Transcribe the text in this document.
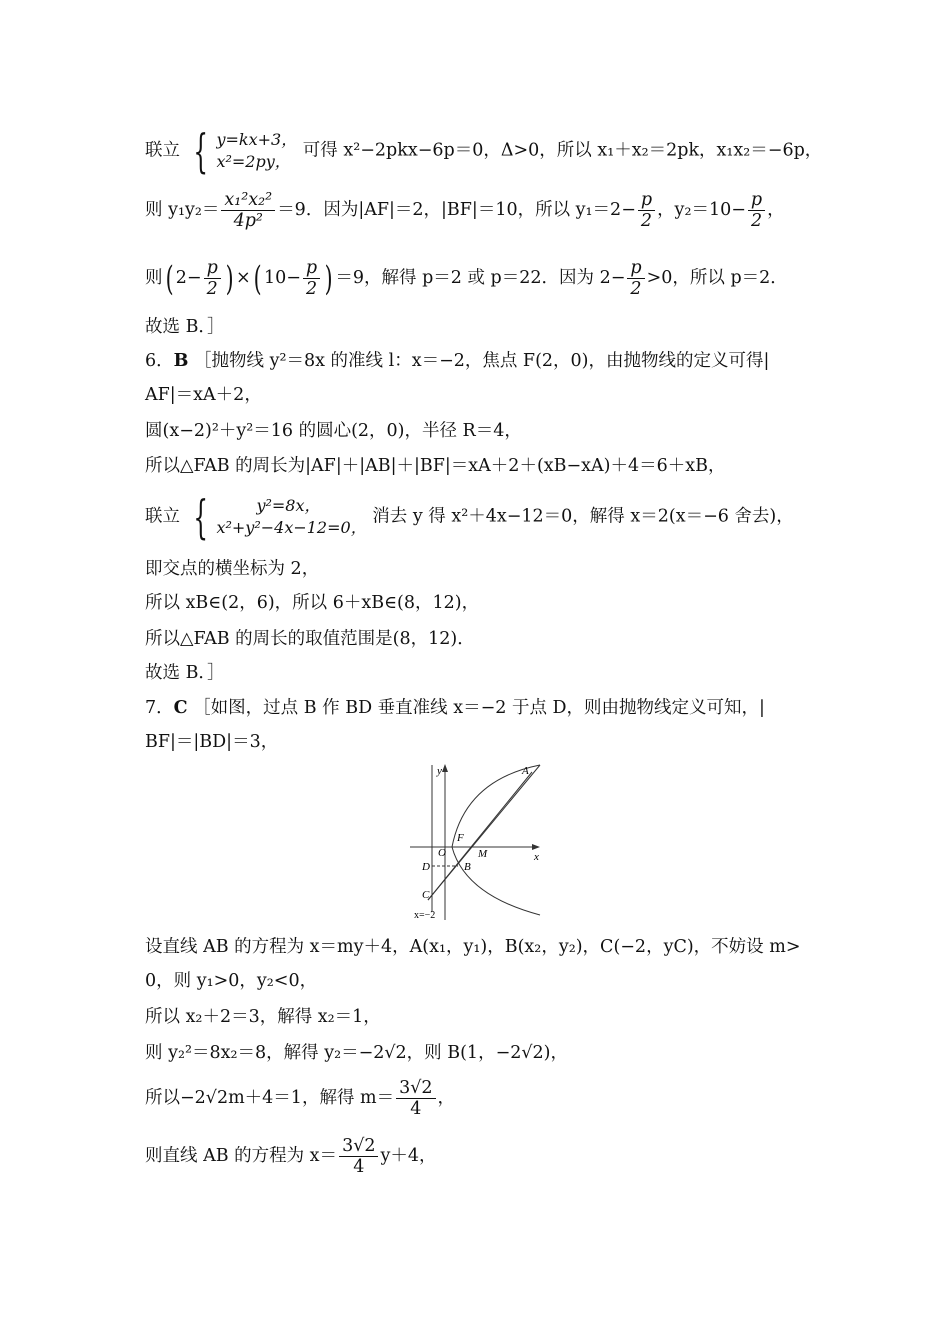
联立 { y=kx+3，
x²=2py，
可得 x²−2pkx−6p＝0，Δ>0，所以 x₁＋x₂＝2pk，x₁x₂＝−6p，
则 $y_1y_2= \frac{\text{x₁²x₂²}}{\text{4p²}} =9$．因为|AF|＝2，|BF|＝10，所以 $y_1=2- \frac{p}{2}$ ，$y_2=10- \frac{p}{2}$ ，
则( $2- \frac{p}{2}$ ) ×( $10- \frac{p}{2}$ ) ＝9，解得 p＝2 或 p＝22．因为 $2- \frac{p}{2} >0$，所以 p＝2．
故选 B．］
6．B ［抛物线 y²＝8x 的准线 l：x＝−2，焦点 F(2，0)，由抛物线的定义可得|
AF|＝xA＋2，
圆(x−2)²＋y²＝16 的圆心(2，0)，半径 R＝4，
所以△FAB 的周长为|AF|＋|AB|＋|BF|＝xA＋2＋(xB−xA)＋4＝6＋xB，
联立 {	y²=8x，
x²+y²−4x−12=0，
消去 y 得 x²＋4x−12＝0，解得 x＝2(x＝−6 舍去)，
即交点的横坐标为 2，
所以 xB∈(2，6)，所以 6＋xB∈(8，12)，
所以△FAB 的周长的取值范围是(8，12)．
故选 B．］
7．C ［如图，过点 B 作 BD 垂直准线 x＝−2 于点 D，则由抛物线定义可知，|
BF|＝|BD|＝3，
y
x
A
F
O	M
D	B
C
x=−2
设直线 AB 的方程为 x＝my＋4，A(x₁，y₁)，B(x₂，y₂)，C(−2，yC)，不妨设 m>
0，则 y₁>0，y₂<0，
所以 x₂＋2＝3，解得 x₂＝1，
则 y₂²＝8x₂＝8，解得 y₂＝−2√2，则 B(1，−2√2)，
所以−2√2m＋4＝1，解得 $m= \frac{3√2}{4}$ ，
则直线 AB 的方程为 $x= \frac{3√2}{4} y+4$，
